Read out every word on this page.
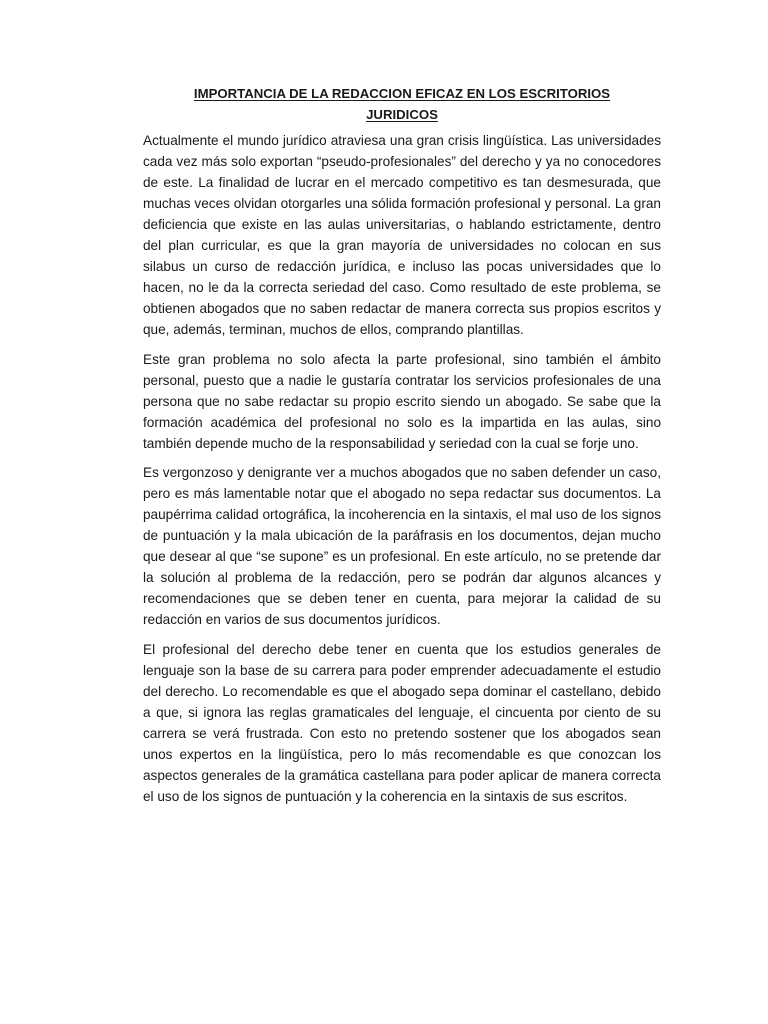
IMPORTANCIA DE LA REDACCION EFICAZ EN LOS ESCRITORIOS
JURIDICOS

Actualmente el mundo jurídico atraviesa una gran crisis lingüística. Las universidades cada vez más solo exportan “pseudo-profesionales” del derecho y ya no conocedores de este. La finalidad de lucrar en el mercado competitivo es tan desmesurada, que muchas veces olvidan otorgarles una sólida formación profesional y personal. La gran deficiencia que existe en las aulas universitarias, o hablando estrictamente, dentro del plan curricular, es que la gran mayoría de universidades no colocan en sus silabus un curso de redacción jurídica, e incluso las pocas universidades que lo hacen, no le da la correcta seriedad del caso. Como resultado de este problema, se obtienen abogados que no saben redactar de manera correcta sus propios escritos y que, además, terminan, muchos de ellos, comprando plantillas.

Este gran problema no solo afecta la parte profesional, sino también el ámbito personal, puesto que a nadie le gustaría contratar los servicios profesionales de una persona que no sabe redactar su propio escrito siendo un abogado. Se sabe que la formación académica del profesional no solo es la impartida en las aulas, sino también depende mucho de la responsabilidad y seriedad con la cual se forje uno.

Es vergonzoso y denigrante ver a muchos abogados que no saben defender un caso, pero es más lamentable notar que el abogado no sepa redactar sus documentos. La paupérrima calidad ortográfica, la incoherencia en la sintaxis, el mal uso de los signos de puntuación y la mala ubicación de la paráfrasis en los documentos, dejan mucho que desear al que “se supone” es un profesional. En este artículo, no se pretende dar la solución al problema de la redacción, pero se podrán dar algunos alcances y recomendaciones que se deben tener en cuenta, para mejorar la calidad de su redacción en varios de sus documentos jurídicos.

El profesional del derecho debe tener en cuenta que los estudios generales de lenguaje son la base de su carrera para poder emprender adecuadamente el estudio del derecho. Lo recomendable es que el abogado sepa dominar el castellano, debido a que, si ignora las reglas gramaticales del lenguaje, el cincuenta por ciento de su carrera se verá frustrada. Con esto no pretendo sostener que los abogados sean unos expertos en la lingüística, pero lo más recomendable es que conozcan los aspectos generales de la gramática castellana para poder aplicar de manera correcta el uso de los signos de puntuación y la coherencia en la sintaxis de sus escritos.
